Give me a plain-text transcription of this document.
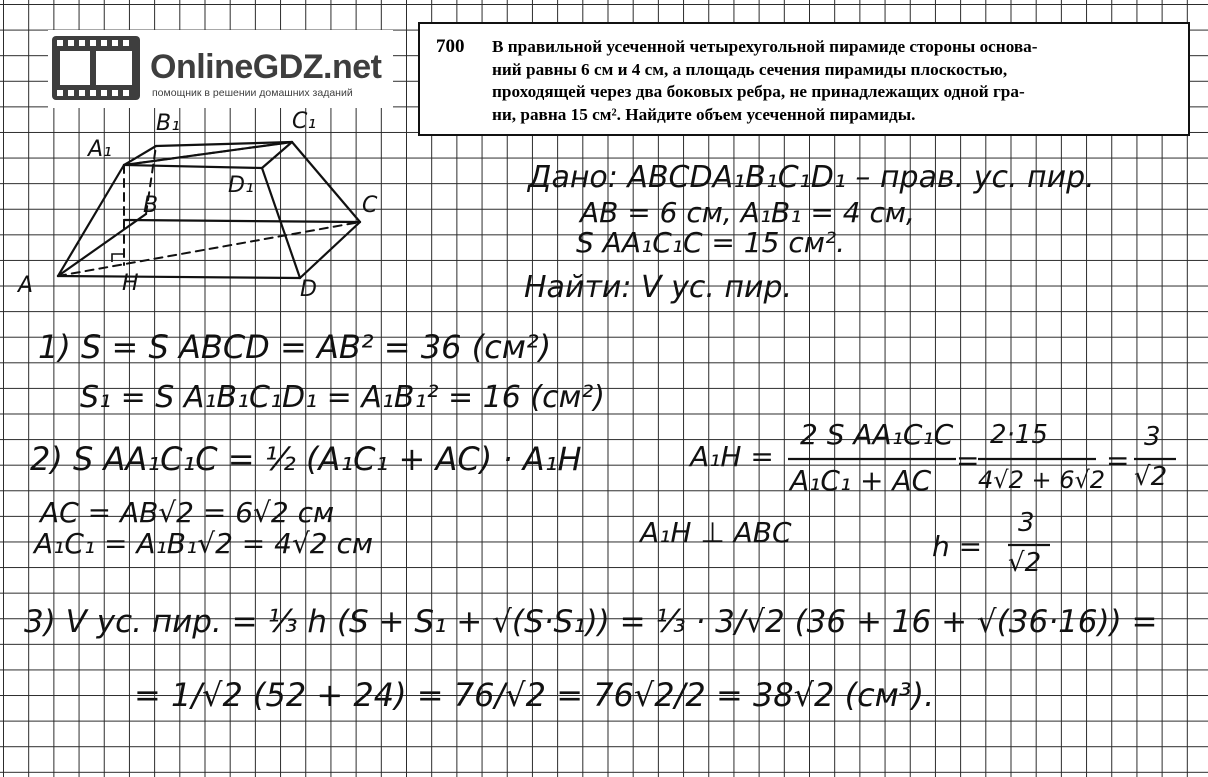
OnlineGDZ.net
помощник в решении домашних заданий
700 В правильной усеченной четырехугольной пирамиде стороны основа-
ний равны 6 см и 4 см, а площадь сечения пирамиды плоскостью,
проходящей через два боковых ребра, не принадлежащих одной гра-
ни, равна 15 см². Найдите объем усеченной пирамиды.
A₁
B₁	C₁
D₁
B	C
A	H	D
Дано: ABCDA₁B₁C₁D₁ – прав. ус. пир.
AB = 6 см, A₁B₁ = 4 см,
S AA₁C₁C = 15 см².
Найти: V ус. пир.
1) S = S ABCD = AB² = 36 (см²)
S₁ = S A₁B₁C₁D₁ = A₁B₁² = 16 (см²)
2) S AA₁C₁C = ½ (A₁C₁ + AC) · A₁H
AC = AB√2 = 6√2 см
A₁C₁ = A₁B₁√2 = 4√2 см
A₁H =
2 S AA₁C₁C
A₁C₁ + AC
=
2·15
4√2 + 6√2
=
3
√2
A₁H ⊥ ABC	h =
3
√2
3) V ус. пир. = ⅓ h (S + S₁ + √(S·S₁)) = ⅓ · 3/√2 (36 + 16 + √(36·16)) =
= 1/√2 (52 + 24) = 76/√2 = 76√2/2 = 38√2 (см³).
